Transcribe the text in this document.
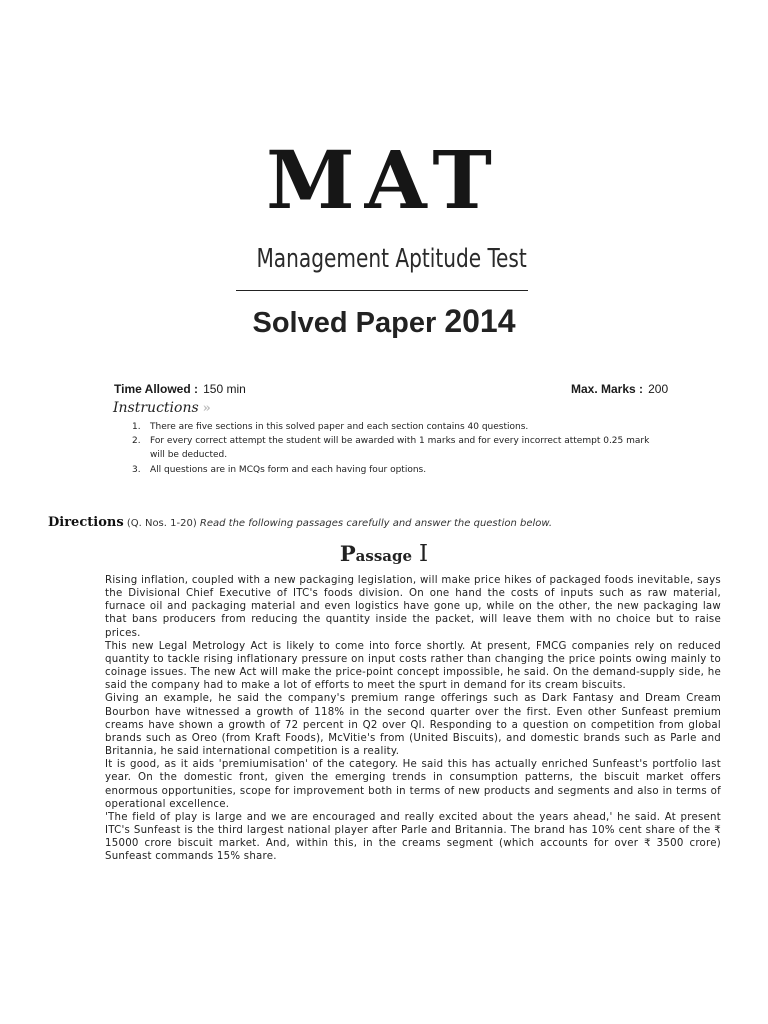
MAT
Management Aptitude Test
Solved Paper 2014
Time Allowed : 150 min	Max. Marks : 200
Instructions »
1. There are five sections in this solved paper and each section contains 40 questions.
2. For every correct attempt the student will be awarded with 1 marks and for every incorrect attempt 0.25 mark will be deducted.
3. All questions are in MCQs form and each having four options.
Directions (Q. Nos. 1-20) Read the following passages carefully and answer the question below.
Passage I

Rising inflation, coupled with a new packaging legislation, will make price hikes of packaged foods inevitable, says the Divisional Chief Executive of ITC's foods division. On one hand the costs of inputs such as raw material, furnace oil and packaging material and even logistics have gone up, while on the other, the new packaging law that bans producers from reducing the quantity inside the packet, will leave them with no choice but to raise prices.

This new Legal Metrology Act is likely to come into force shortly. At present, FMCG companies rely on reduced quantity to tackle rising inflationary pressure on input costs rather than changing the price points owing mainly to coinage issues. The new Act will make the price-point concept impossible, he said. On the demand-supply side, he said the company had to make a lot of efforts to meet the spurt in demand for its cream biscuits.

Giving an example, he said the company's premium range offerings such as Dark Fantasy and Dream Cream Bourbon have witnessed a growth of 118% in the second quarter over the first. Even other Sunfeast premium creams have shown a growth of 72 percent in Q2 over Ql. Responding to a question on competition from global brands such as Oreo (from Kraft Foods), McVitie's from (United Biscuits), and domestic brands such as Parle and Britannia, he said international competition is a reality.

It is good, as it aids 'premiumisation' of the category. He said this has actually enriched Sunfeast's portfolio last year. On the domestic front, given the emerging trends in consumption patterns, the biscuit market offers enormous opportunities, scope for improvement both in terms of new products and segments and also in terms of operational excellence.

'The field of play is large and we are encouraged and really excited about the years ahead,' he said. At present ITC's Sunfeast is the third largest national player after Parle and Britannia. The brand has 10% cent share of the ₹ 15000 crore biscuit market. And, within this, in the creams segment (which accounts for over ₹ 3500 crore) Sunfeast commands 15% share.
